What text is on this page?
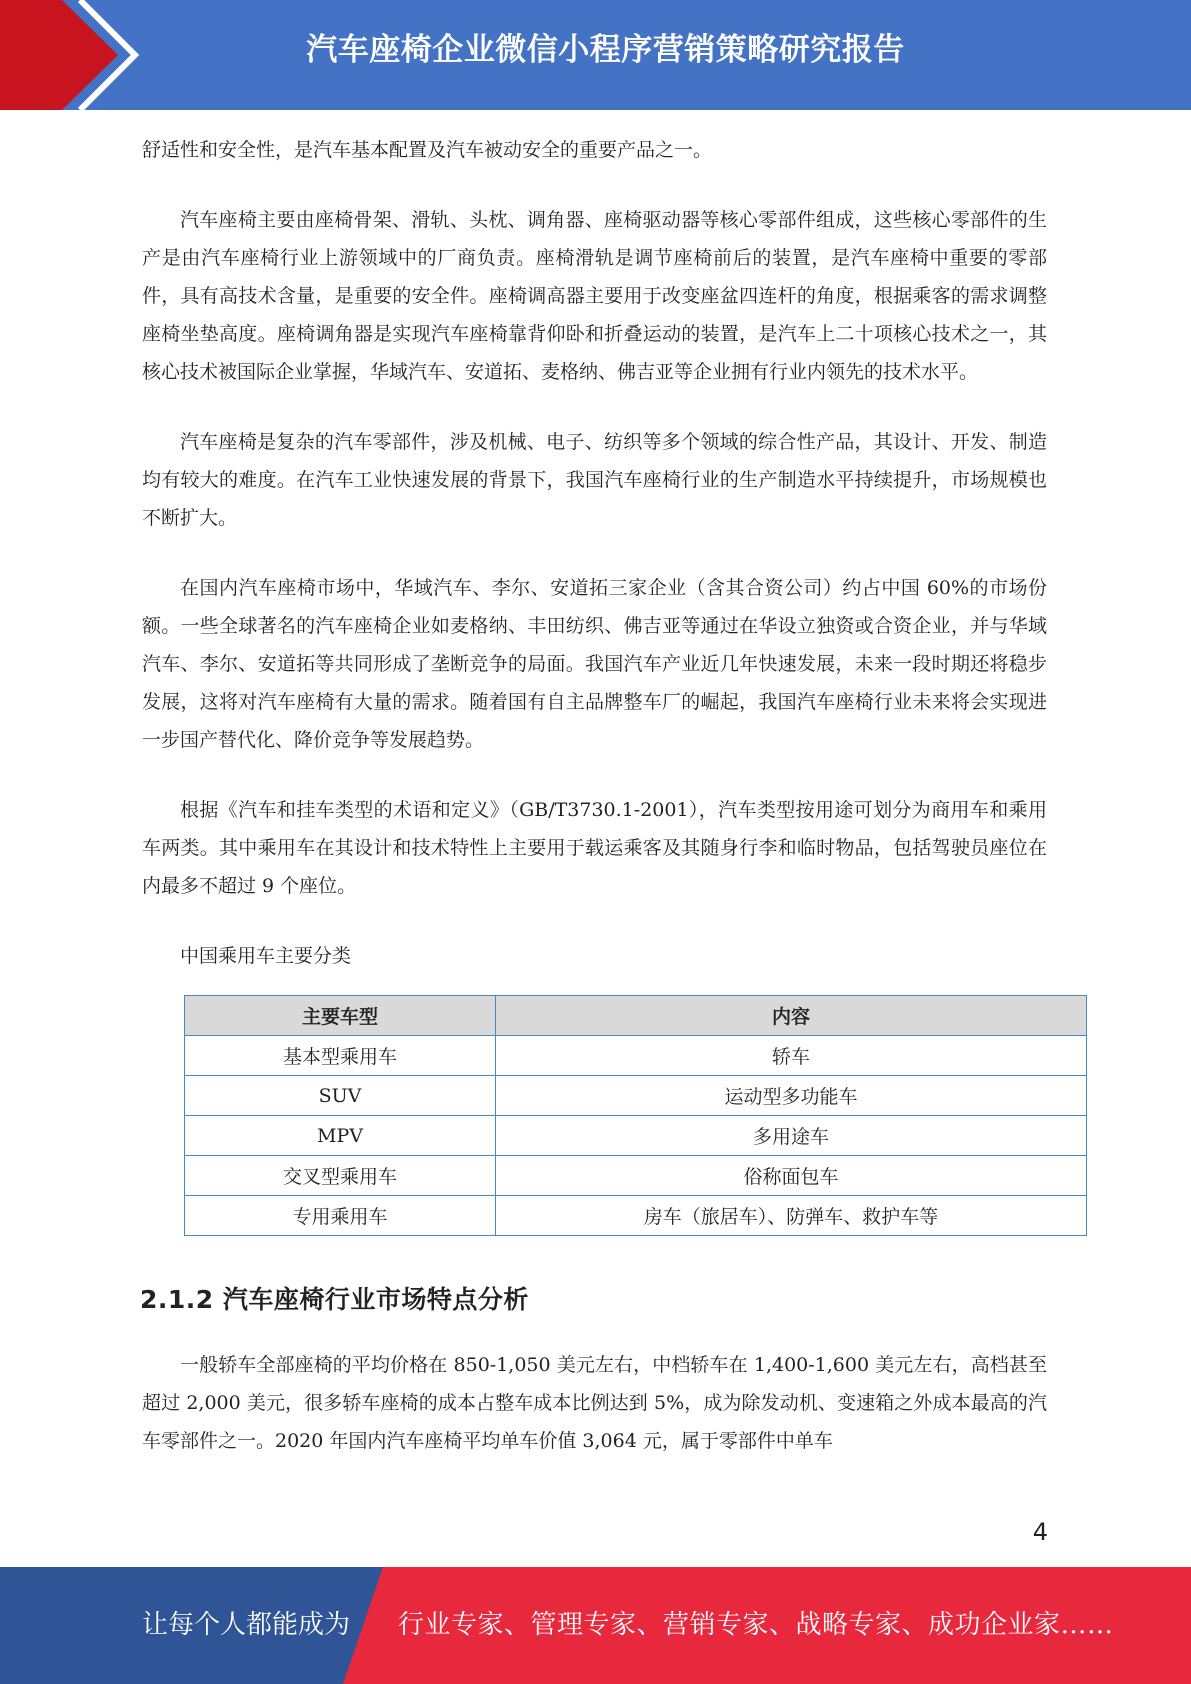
汽车座椅企业微信小程序营销策略研究报告

舒适性和安全性，是汽车基本配置及汽车被动安全的重要产品之一。

汽车座椅主要由座椅骨架、滑轨、头枕、调角器、座椅驱动器等核心零部件组成，这些核心零部件的生产是由汽车座椅行业上游领域中的厂商负责。座椅滑轨是调节座椅前后的装置，是汽车座椅中重要的零部件，具有高技术含量，是重要的安全件。座椅调高器主要用于改变座盆四连杆的角度，根据乘客的需求调整座椅坐垫高度。座椅调角器是实现汽车座椅靠背仰卧和折叠运动的装置，是汽车上二十项核心技术之一，其核心技术被国际企业掌握，华域汽车、安道拓、麦格纳、佛吉亚等企业拥有行业内领先的技术水平。

汽车座椅是复杂的汽车零部件，涉及机械、电子、纺织等多个领域的综合性产品，其设计、开发、制造均有较大的难度。在汽车工业快速发展的背景下，我国汽车座椅行业的生产制造水平持续提升，市场规模也不断扩大。

在国内汽车座椅市场中，华域汽车、李尔、安道拓三家企业（含其合资公司）约占中国 60%的市场份额。一些全球著名的汽车座椅企业如麦格纳、丰田纺织、佛吉亚等通过在华设立独资或合资企业，并与华域汽车、李尔、安道拓等共同形成了垄断竞争的局面。我国汽车产业近几年快速发展，未来一段时期还将稳步发展，这将对汽车座椅有大量的需求。随着国有自主品牌整车厂的崛起，我国汽车座椅行业未来将会实现进一步国产替代化、降价竞争等发展趋势。

根据《汽车和挂车类型的术语和定义》（GB/T3730.1-2001），汽车类型按用途可划分为商用车和乘用车两类。其中乘用车在其设计和技术特性上主要用于载运乘客及其随身行李和临时物品，包括驾驶员座位在内最多不超过 9 个座位。

中国乘用车主要分类

主要车型	内容
基本型乘用车	轿车
SUV	运动型多功能车
MPV	多用途车
交叉型乘用车	俗称面包车
专用乘用车	房车（旅居车）、防弹车、救护车等
2.1.2 汽车座椅行业市场特点分析

一般轿车全部座椅的平均价格在 850-1,050 美元左右，中档轿车在 1,400-1,600 美元左右，高档甚至超过 2,000 美元，很多轿车座椅的成本占整车成本比例达到 5%，成为除发动机、变速箱之外成本最高的汽车零部件之一。2020 年国内汽车座椅平均单车价值 3,064 元，属于零部件中单车

4
让每个人都能成为 行业专家、管理专家、营销专家、战略专家、成功企业家……
